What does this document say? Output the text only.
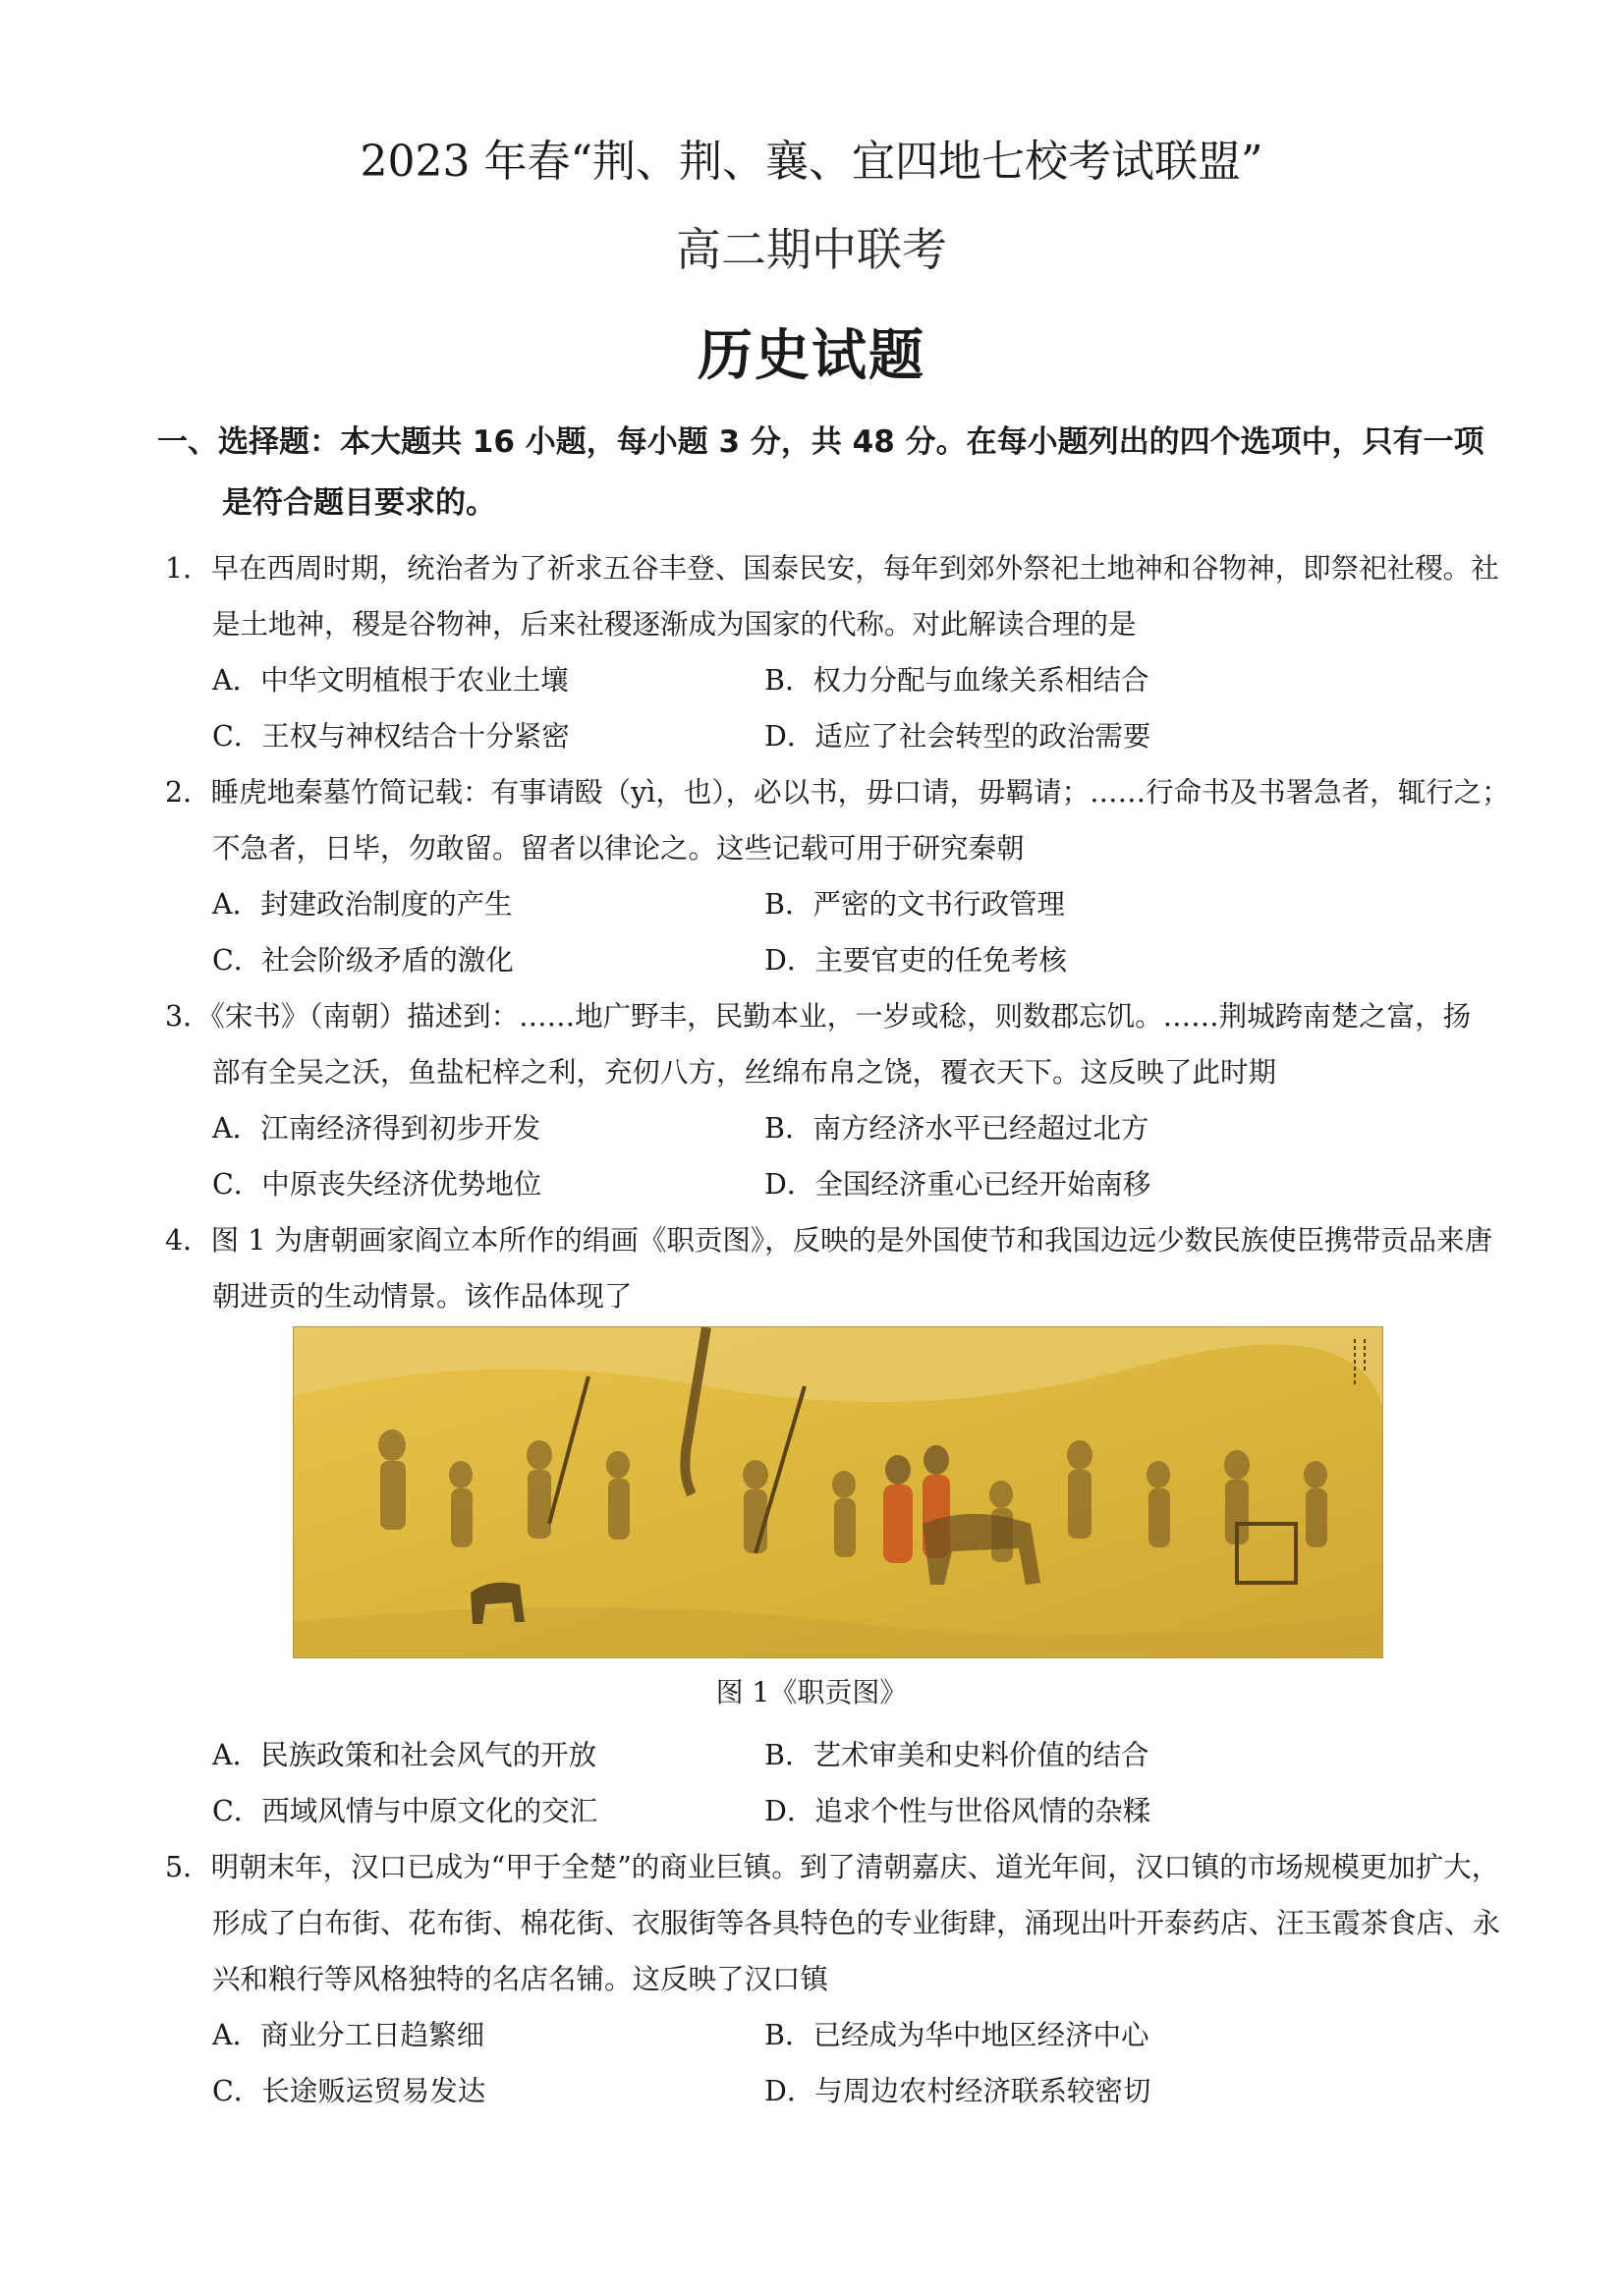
2023 年春“荆、荆、襄、宜四地七校考试联盟”
高二期中联考
历史试题
一、选择题：本大题共 16 小题，每小题 3 分，共 48 分。在每小题列出的四个选项中，只有一项
是符合题目要求的。
1．早在西周时期，统治者为了祈求五谷丰登、国泰民安，每年到郊外祭祀土地神和谷物神，即祭祀社稷。社
是土地神，稷是谷物神，后来社稷逐渐成为国家的代称。对此解读合理的是
A．中华文明植根于农业土壤	B．权力分配与血缘关系相结合
C．王权与神权结合十分紧密	D．适应了社会转型的政治需要
2．睡虎地秦墓竹简记载：有事请殹（yì，也），必以书，毋口请，毋羁请；……行命书及书署急者，辄行之；
不急者，日毕，勿敢留。留者以律论之。这些记载可用于研究秦朝
A．封建政治制度的产生	B．严密的文书行政管理
C．社会阶级矛盾的激化	D．主要官吏的任免考核
3．《宋书》（南朝）描述到：……地广野丰，民勤本业，一岁或稔，则数郡忘饥。……荆城跨南楚之富，扬
部有全吴之沃，鱼盐杞梓之利，充仞八方，丝绵布帛之饶，覆衣天下。这反映了此时期
A．江南经济得到初步开发	B．南方经济水平已经超过北方
C．中原丧失经济优势地位	D．全国经济重心已经开始南移
4．图 1 为唐朝画家阎立本所作的绢画《职贡图》，反映的是外国使节和我国边远少数民族使臣携带贡品来唐
朝进贡的生动情景。该作品体现了
图 1《职贡图》
A．民族政策和社会风气的开放	B．艺术审美和史料价值的结合
C．西域风情与中原文化的交汇	D．追求个性与世俗风情的杂糅
5．明朝末年，汉口已成为“甲于全楚”的商业巨镇。到了清朝嘉庆、道光年间，汉口镇的市场规模更加扩大，
形成了白布街、花布街、棉花街、衣服街等各具特色的专业街肆，涌现出叶开泰药店、汪玉霞茶食店、永
兴和粮行等风格独特的名店名铺。这反映了汉口镇
A．商业分工日趋繁细	B．已经成为华中地区经济中心
C．长途贩运贸易发达	D．与周边农村经济联系较密切
